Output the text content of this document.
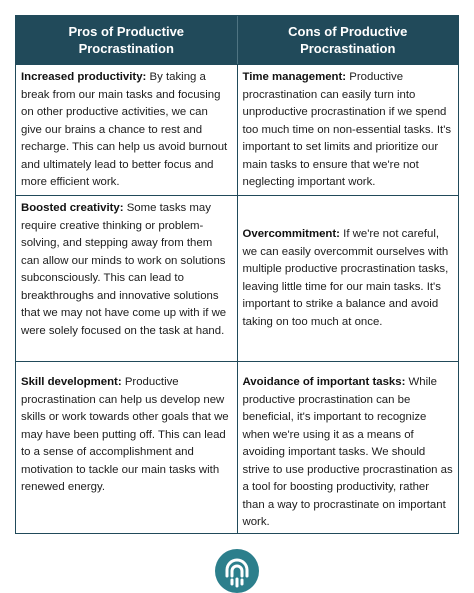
Pros of Productive Procrastination
Cons of Productive Procrastination
Increased productivity: By taking a break from our main tasks and focusing on other productive activities, we can give our brains a chance to rest and recharge. This can help us avoid burnout and ultimately lead to better focus and more efficient work.
Time management: Productive procrastination can easily turn into unproductive procrastination if we spend too much time on non-essential tasks. It's important to set limits and prioritize our main tasks to ensure that we're not neglecting important work.
Boosted creativity: Some tasks may require creative thinking or problem-solving, and stepping away from them can allow our minds to work on solutions subconsciously. This can lead to breakthroughs and innovative solutions that we may not have come up with if we were solely focused on the task at hand.
Overcommitment: If we're not careful, we can easily overcommit ourselves with multiple productive procrastination tasks, leaving little time for our main tasks. It's important to strike a balance and avoid taking on too much at once.
Skill development: Productive procrastination can help us develop new skills or work towards other goals that we may have been putting off. This can lead to a sense of accomplishment and motivation to tackle our main tasks with renewed energy.
Avoidance of important tasks: While productive procrastination can be beneficial, it's important to recognize when we're using it as a means of avoiding important tasks. We should strive to use productive procrastination as a tool for boosting productivity, rather than a way to procrastinate on important work.
